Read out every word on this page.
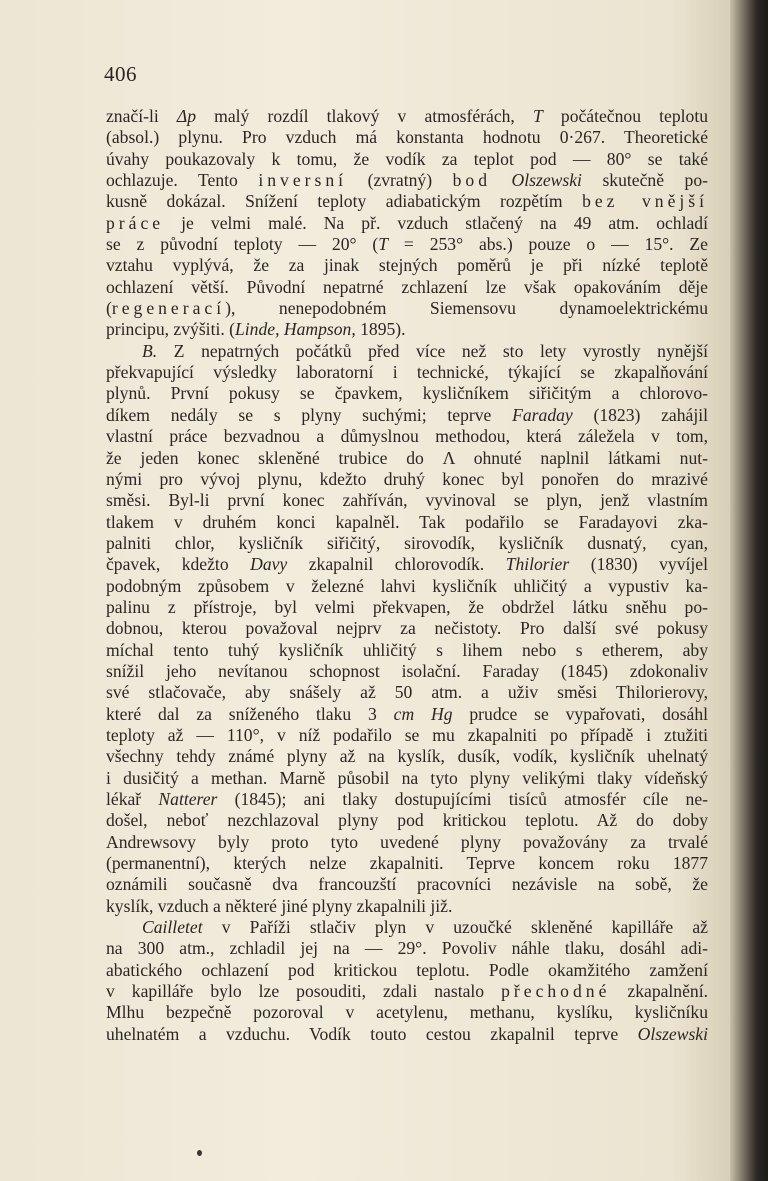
406
značí-li Δp malý rozdíl tlakový v atmosférách, T počátečnou teplotu
(absol.) plynu. Pro vzduch má konstanta hodnotu 0·267. Theoretické
úvahy poukazovaly k tomu, že vodík za teplot pod — 80° se také
ochlazuje. Tento inversní (zvratný) bod Olszewski skutečně po-
kusně dokázal. Snížení teploty adiabatickým rozpětím bez vnější
práce je velmi malé. Na př. vzduch stlačený na 49 atm. ochladí
se z původní teploty — 20° (T = 253° abs.) pouze o — 15°. Ze
vztahu vyplývá, že za jinak stejných poměrů je při nízké teplotě
ochlazení větší. Původní nepatrné zchlazení lze však opakováním děje
(regenerací), nenepodobném Siemensovu dynamoelektrickému
principu, zvýšiti. (Linde, Hampson, 1895).
B. Z nepatrných počátků před více než sto lety vyrostly nynější
překvapující výsledky laboratorní i technické, týkající se zkapalňování
plynů. První pokusy se čpavkem, kysličníkem siřičitým a chlorovo-
díkem nedály se s plyny suchými; teprve Faraday (1823) zahájil
vlastní práce bezvadnou a důmyslnou methodou, která záležela v tom,
že jeden konec skleněné trubice do Λ ohnuté naplnil látkami nut-
nými pro vývoj plynu, kdežto druhý konec byl ponořen do mrazivé
směsi. Byl-li první konec zahříván, vyvinoval se plyn, jenž vlastním
tlakem v druhém konci kapalněl. Tak podařilo se Faradayovi zka-
palniti chlor, kysličník siřičitý, sirovodík, kysličník dusnatý, cyan,
čpavek, kdežto Davy zkapalnil chlorovodík. Thilorier (1830) vyvíjel
podobným způsobem v železné lahvi kysličník uhličitý a vypustiv ka-
palinu z přístroje, byl velmi překvapen, že obdržel látku sněhu po-
dobnou, kterou považoval nejprv za nečistoty. Pro další své pokusy
míchal tento tuhý kysličník uhličitý s lihem nebo s etherem, aby
snížil jeho nevítanou schopnost isolační. Faraday (1845) zdokonaliv
své stlačovače, aby snášely až 50 atm. a uživ směsi Thilorierovy,
které dal za sníženého tlaku 3 cm Hg prudce se vypařovati, dosáhl
teploty až — 110°, v níž podařilo se mu zkapalniti po případě i ztužiti
všechny tehdy známé plyny až na kyslík, dusík, vodík, kysličník uhelnatý
i dusičitý a methan. Marně působil na tyto plyny velikými tlaky vídeňský
lékař Natterer (1845); ani tlaky dostupujícími tisíců atmosfér cíle ne-
došel, neboť nezchlazoval plyny pod kritickou teplotu. Až do doby
Andrewsovy byly proto tyto uvedené plyny považovány za trvalé
(permanentní), kterých nelze zkapalniti. Teprve koncem roku 1877
oznámili současně dva francouzští pracovníci nezávisle na sobě, že
kyslík, vzduch a některé jiné plyny zkapalnili již.
Cailletet v Paříži stlačiv plyn v uzoučké skleněné kapilláře až
na 300 atm., zchladil jej na — 29°. Povoliv náhle tlaku, dosáhl adi-
abatického ochlazení pod kritickou teplotu. Podle okamžitého zamžení
v kapilláře bylo lze posouditi, zdali nastalo přechodné zkapalnění.
Mlhu bezpečně pozoroval v acetylenu, methanu, kyslíku, kysličníku
uhelnatém a vzduchu. Vodík touto cestou zkapalnil teprve Olszewski
